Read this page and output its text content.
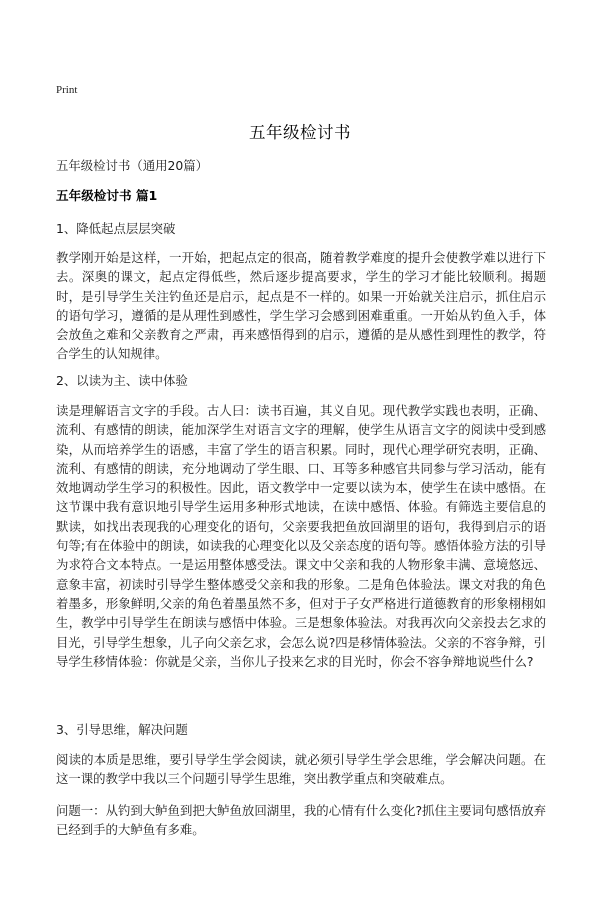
Print
五年级检讨书
五年级检讨书（通用20篇）
五年级检讨书 篇1
1、降低起点层层突破
教学刚开始是这样，一开始，把起点定的很高，随着教学难度的提升会使教学难以进行下去。深奥的课文，起点定得低些，然后逐步提高要求，学生的学习才能比较顺利。揭题时，是引导学生关注钓鱼还是启示，起点是不一样的。如果一开始就关注启示，抓住启示的语句学习，遵循的是从理性到感性，学生学习会感到困难重重。一开始从钓鱼入手，体会放鱼之难和父亲教育之严肃，再来感悟得到的启示，遵循的是从感性到理性的教学，符合学生的认知规律。
2、以读为主、读中体验
读是理解语言文字的手段。古人曰：读书百遍，其义自见。现代教学实践也表明，正确、流利、有感情的朗读，能加深学生对语言文字的理解，使学生从语言文字的阅读中受到感染，从而培养学生的语感，丰富了学生的语言积累。同时，现代心理学研究表明，正确、流利、有感情的朗读，充分地调动了学生眼、口、耳等多种感官共同参与学习活动，能有效地调动学生学习的积极性。因此，语文教学中一定要以读为本，使学生在读中感悟。在这节课中我有意识地引导学生运用多种形式地读，在读中感悟、体验。有筛选主要信息的默读，如找出表现我的心理变化的语句，父亲要我把鱼放回湖里的语句，我得到启示的语句等;有在体验中的朗读，如读我的心理变化以及父亲态度的语句等。感悟体验方法的引导为求符合文本特点。一是运用整体感受法。课文中父亲和我的人物形象丰满、意境悠远、意象丰富，初读时引导学生整体感受父亲和我的形象。二是角色体验法。课文对我的角色着墨多，形象鲜明,父亲的角色着墨虽然不多，但对于子女严格进行道德教育的形象栩栩如生，教学中引导学生在朗读与感悟中体验。三是想象体验法。对我再次向父亲投去乞求的目光，引导学生想象，儿子向父亲乞求，会怎么说?四是移情体验法。父亲的不容争辩，引导学生移情体验：你就是父亲，当你儿子投来乞求的目光时，你会不容争辩地说些什么?
3、引导思维，解决问题
阅读的本质是思维，要引导学生学会阅读，就必须引导学生学会思维，学会解决问题。在这一课的教学中我以三个问题引导学生思维，突出教学重点和突破难点。
问题一：从钓到大鲈鱼到把大鲈鱼放回湖里，我的心情有什么变化?抓住主要词句感悟放弃已经到手的大鲈鱼有多难。
